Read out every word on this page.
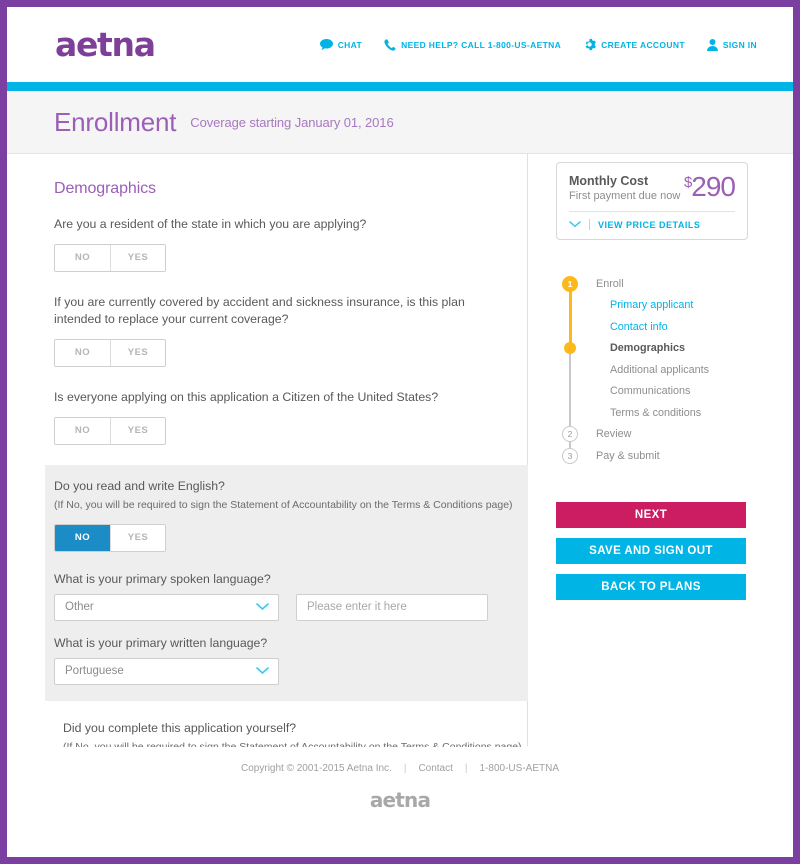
aetna	CHAT	NEED HELP? CALL 1-800-US-AETNA	CREATE ACCOUNT	SIGN IN
Enrollment Coverage starting January 01, 2016
Demographics
Are you a resident of the state in which you are applying?
NO	YES
If you are currently covered by accident and sickness insurance, is this plan intended to replace your current coverage?
NO	YES
Is everyone applying on this application a Citizen of the United States?
NO	YES
Do you read and write English?
(If No, you will be required to sign the Statement of Accountability on the Terms & Conditions page)
NO	YES
What is your primary spoken language?
Other
Please enter it here
What is your primary written language?
Portuguese
Did you complete this application yourself?
Monthly Cost
First payment due now
$290
VIEW PRICE DETAILS
1	Enroll
Primary applicant
Contact info
Demographics
Additional applicants
Communications
Terms & conditions
2	Review
3	Pay & submit
NEXT
SAVE AND SIGN OUT
BACK TO PLANS
Copyright © 2001-2015 Aetna Inc. | Contact | 1-800-US-AETNA
aetna
